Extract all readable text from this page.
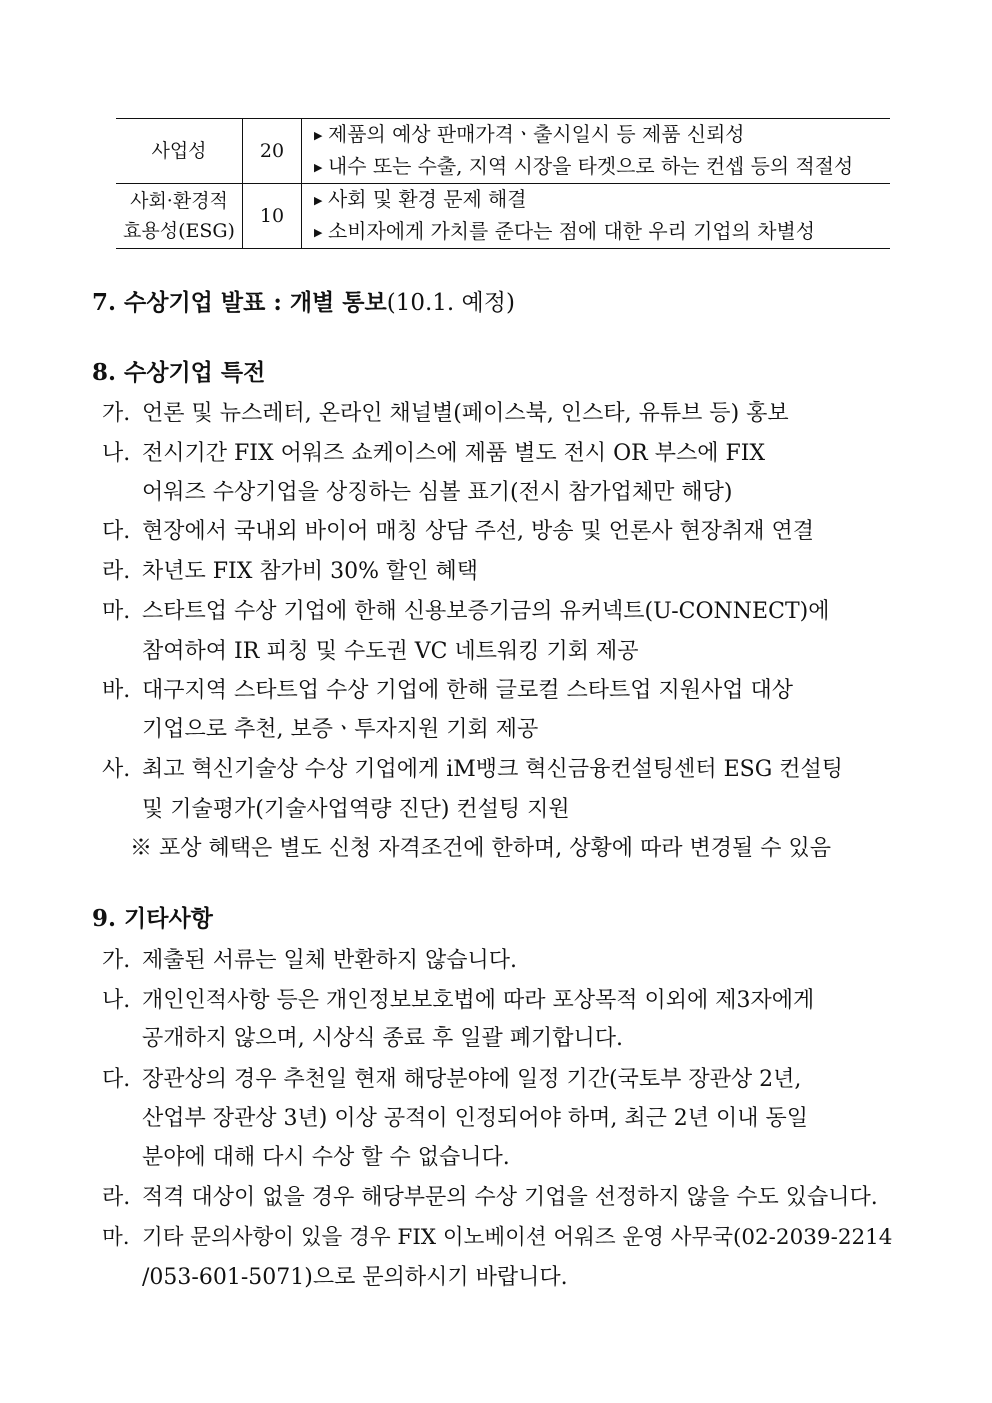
사업성	20	▶ 제품의 예상 판매가격ㆍ출시일시 등 제품 신뢰성
▶ 내수 또는 수출, 지역 시장을 타겟으로 하는 컨셉 등의 적절성

사회·환경적
효용성(ESG)	10	▶ 사회 및 환경 문제 해결
▶ 소비자에게 가치를 준다는 점에 대한 우리 기업의 차별성
7. 수상기업 발표 : 개별 통보(10.1. 예정)
8. 수상기업 특전
가. 언론 및 뉴스레터, 온라인 채널별(페이스북, 인스타, 유튜브 등) 홍보
나. 전시기간 FIX 어워즈 쇼케이스에 제품 별도 전시 OR 부스에 FIX
어워즈 수상기업을 상징하는 심볼 표기(전시 참가업체만 해당)
다. 현장에서 국내외 바이어 매칭 상담 주선, 방송 및 언론사 현장취재 연결
라. 차년도 FIX 참가비 30% 할인 혜택
마. 스타트업 수상 기업에 한해 신용보증기금의 유커넥트(U-CONNECT)에
참여하여 IR 피칭 및 수도권 VC 네트워킹 기회 제공
바. 대구지역 스타트업 수상 기업에 한해 글로컬 스타트업 지원사업 대상
기업으로 추천, 보증ㆍ투자지원 기회 제공
사. 최고 혁신기술상 수상 기업에게 iM뱅크 혁신금융컨설팅센터 ESG 컨설팅
및 기술평가(기술사업역량 진단) 컨설팅 지원
※ 포상 혜택은 별도 신청 자격조건에 한하며, 상황에 따라 변경될 수 있음
9. 기타사항
가. 제출된 서류는 일체 반환하지 않습니다.
나. 개인인적사항 등은 개인정보보호법에 따라 포상목적 이외에 제3자에게
공개하지 않으며, 시상식 종료 후 일괄 폐기합니다.
다. 장관상의 경우 추천일 현재 해당분야에 일정 기간(국토부 장관상 2년,
산업부 장관상 3년) 이상 공적이 인정되어야 하며, 최근 2년 이내 동일
분야에 대해 다시 수상 할 수 없습니다.
라. 적격 대상이 없을 경우 해당부문의 수상 기업을 선정하지 않을 수도 있습니다.
마. 기타 문의사항이 있을 경우 FIX 이노베이션 어워즈 운영 사무국(02-2039-2214
/053-601-5071)으로 문의하시기 바랍니다.
